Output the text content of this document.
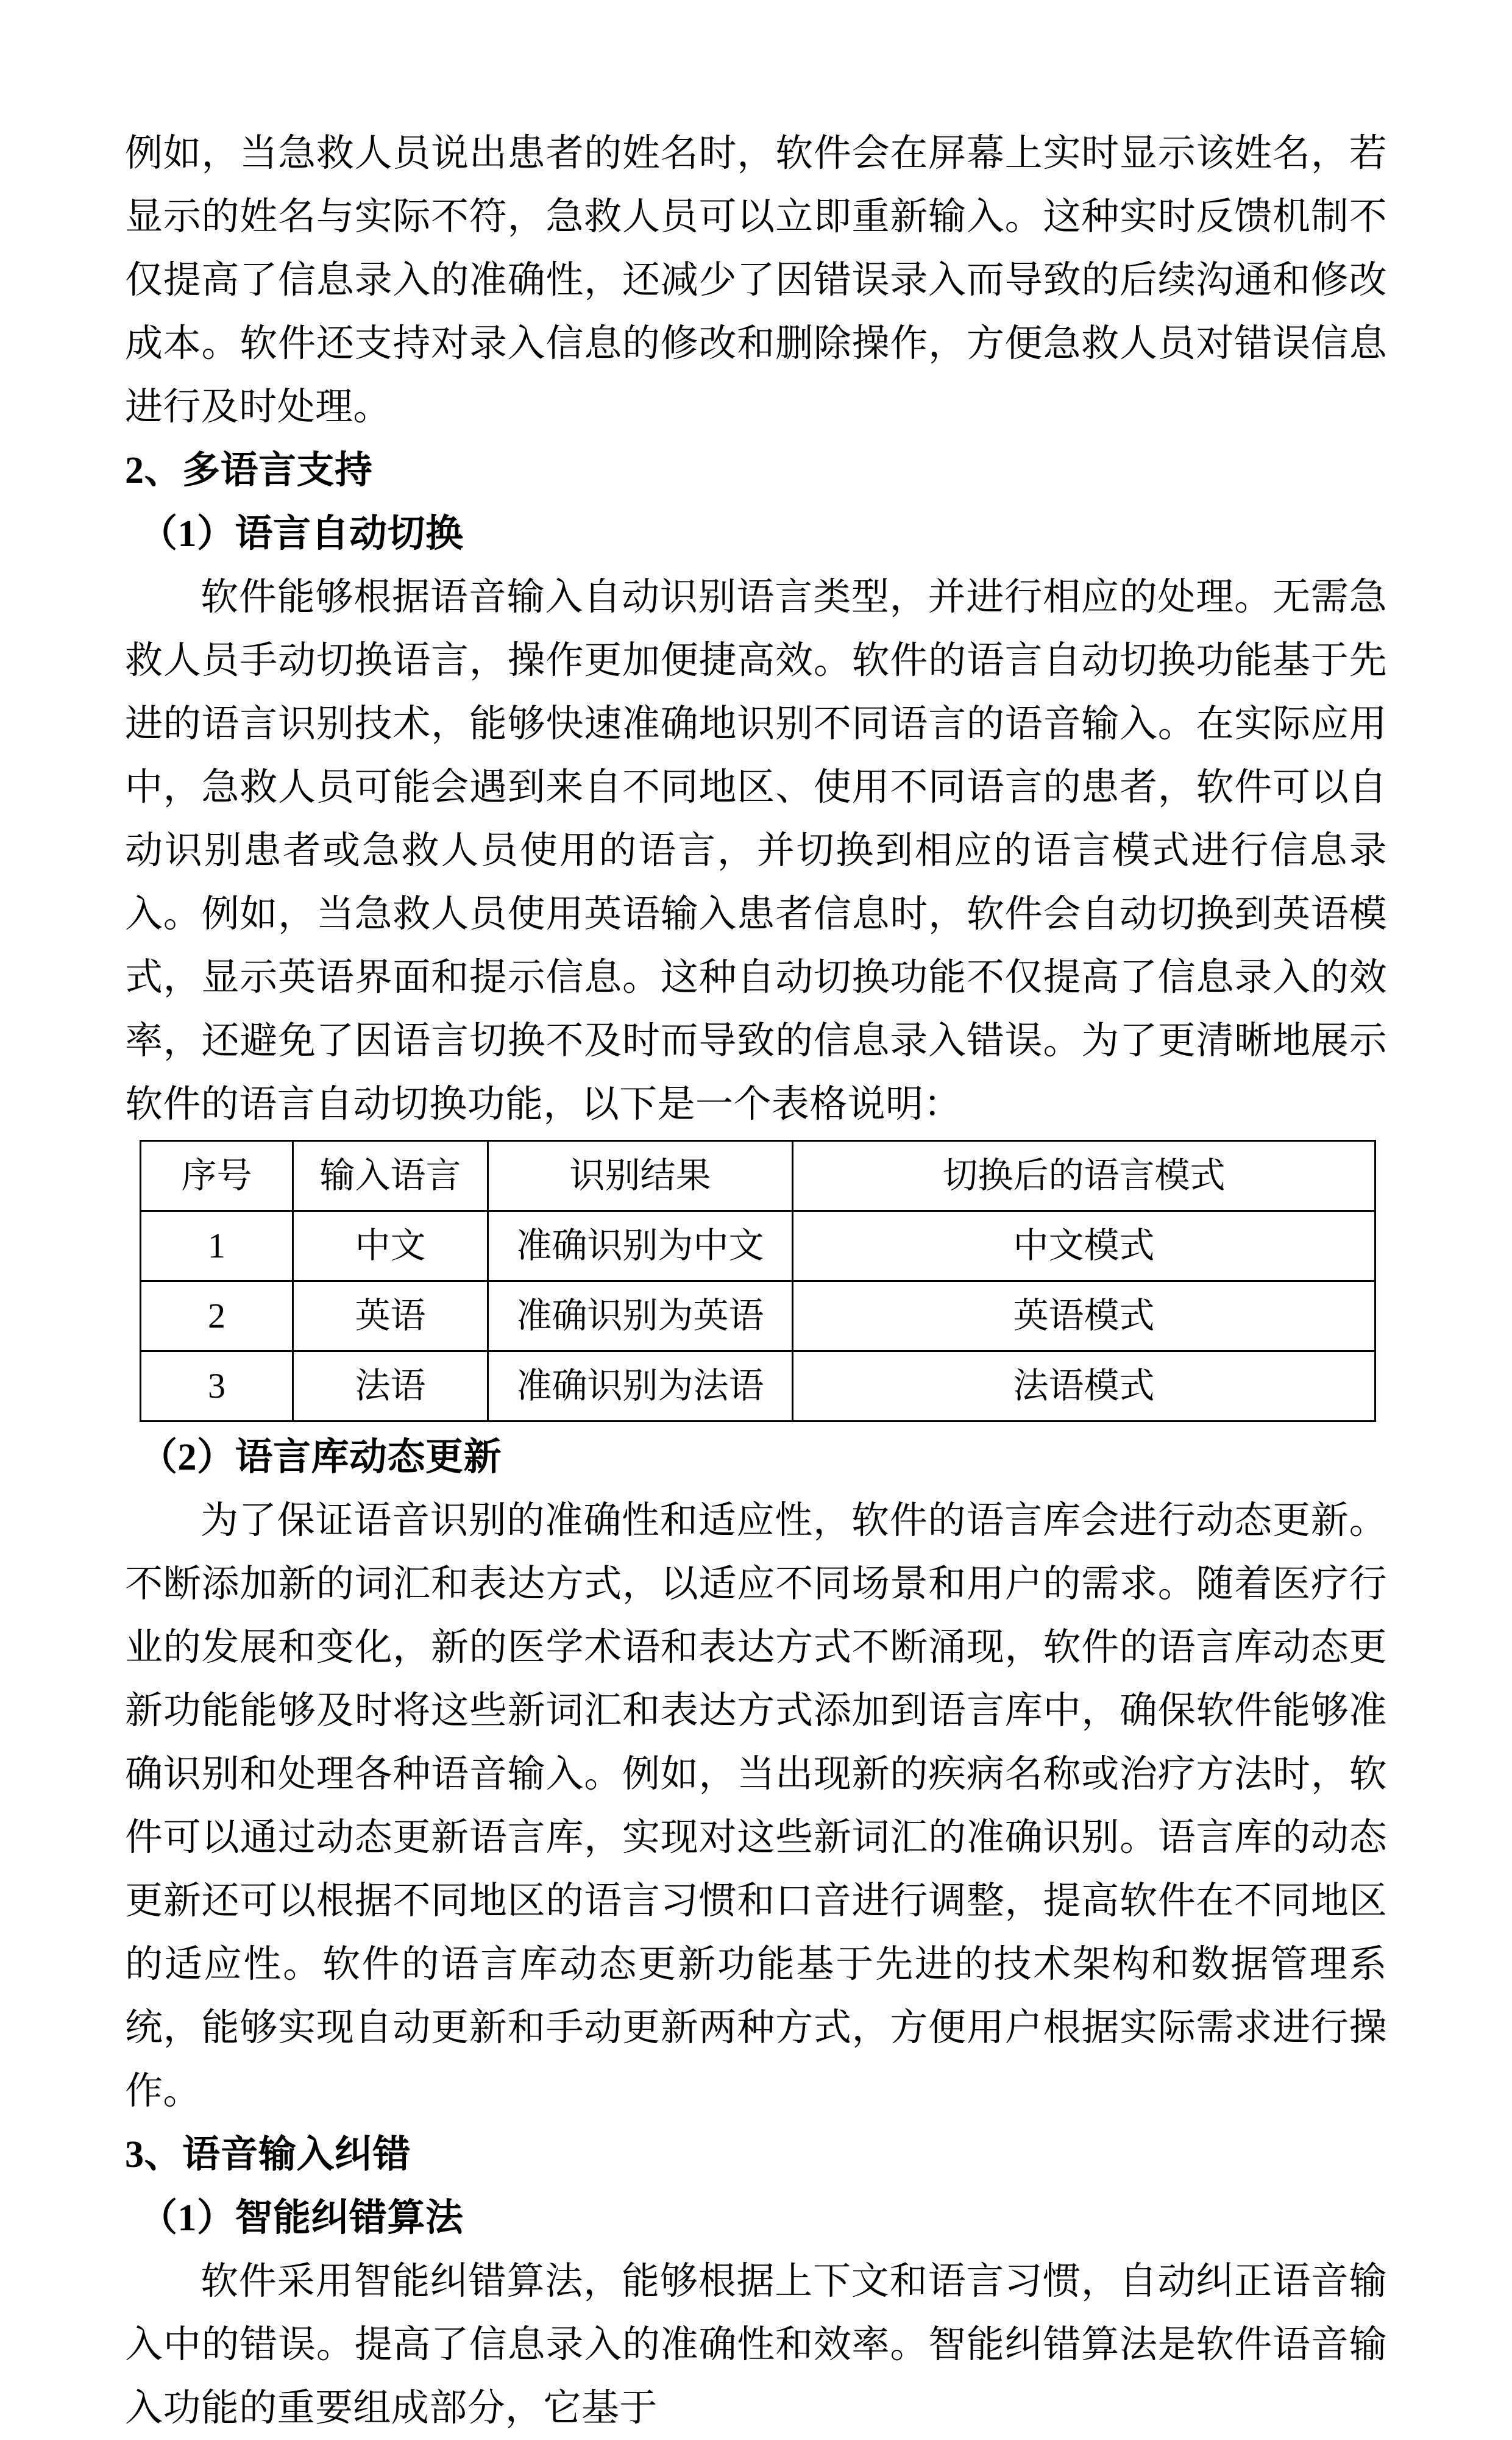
例如，当急救人员说出患者的姓名时，软件会在屏幕上实时显示该姓名，若显示的姓名与实际不符，急救人员可以立即重新输入。这种实时反馈机制不仅提高了信息录入的准确性，还减少了因错误录入而导致的后续沟通和修改成本。软件还支持对录入信息的修改和删除操作，方便急救人员对错误信息进行及时处理。

2、多语言支持

（1）语言自动切换

软件能够根据语音输入自动识别语言类型，并进行相应的处理。无需急救人员手动切换语言，操作更加便捷高效。软件的语言自动切换功能基于先进的语言识别技术，能够快速准确地识别不同语言的语音输入。在实际应用中，急救人员可能会遇到来自不同地区、使用不同语言的患者，软件可以自动识别患者或急救人员使用的语言，并切换到相应的语言模式进行信息录入。例如，当急救人员使用英语输入患者信息时，软件会自动切换到英语模式，显示英语界面和提示信息。这种自动切换功能不仅提高了信息录入的效率，还避免了因语言切换不及时而导致的信息录入错误。为了更清晰地展示软件的语言自动切换功能，以下是一个表格说明：

序号	输入语言	识别结果	切换后的语言模式
1	中文	准确识别为中文	中文模式
2	英语	准确识别为英语	英语模式
3	法语	准确识别为法语	法语模式

（2）语言库动态更新

为了保证语音识别的准确性和适应性，软件的语言库会进行动态更新。不断添加新的词汇和表达方式，以适应不同场景和用户的需求。随着医疗行业的发展和变化，新的医学术语和表达方式不断涌现，软件的语言库动态更新功能能够及时将这些新词汇和表达方式添加到语言库中，确保软件能够准确识别和处理各种语音输入。例如，当出现新的疾病名称或治疗方法时，软件可以通过动态更新语言库，实现对这些新词汇的准确识别。语言库的动态更新还可以根据不同地区的语言习惯和口音进行调整，提高软件在不同地区的适应性。软件的语言库动态更新功能基于先进的技术架构和数据管理系统，能够实现自动更新和手动更新两种方式，方便用户根据实际需求进行操作。

3、语音输入纠错

（1）智能纠错算法

软件采用智能纠错算法，能够根据上下文和语言习惯，自动纠正语音输入中的错误。提高了信息录入的准确性和效率。智能纠错算法是软件语音输入功能的重要组成部分，它基于
